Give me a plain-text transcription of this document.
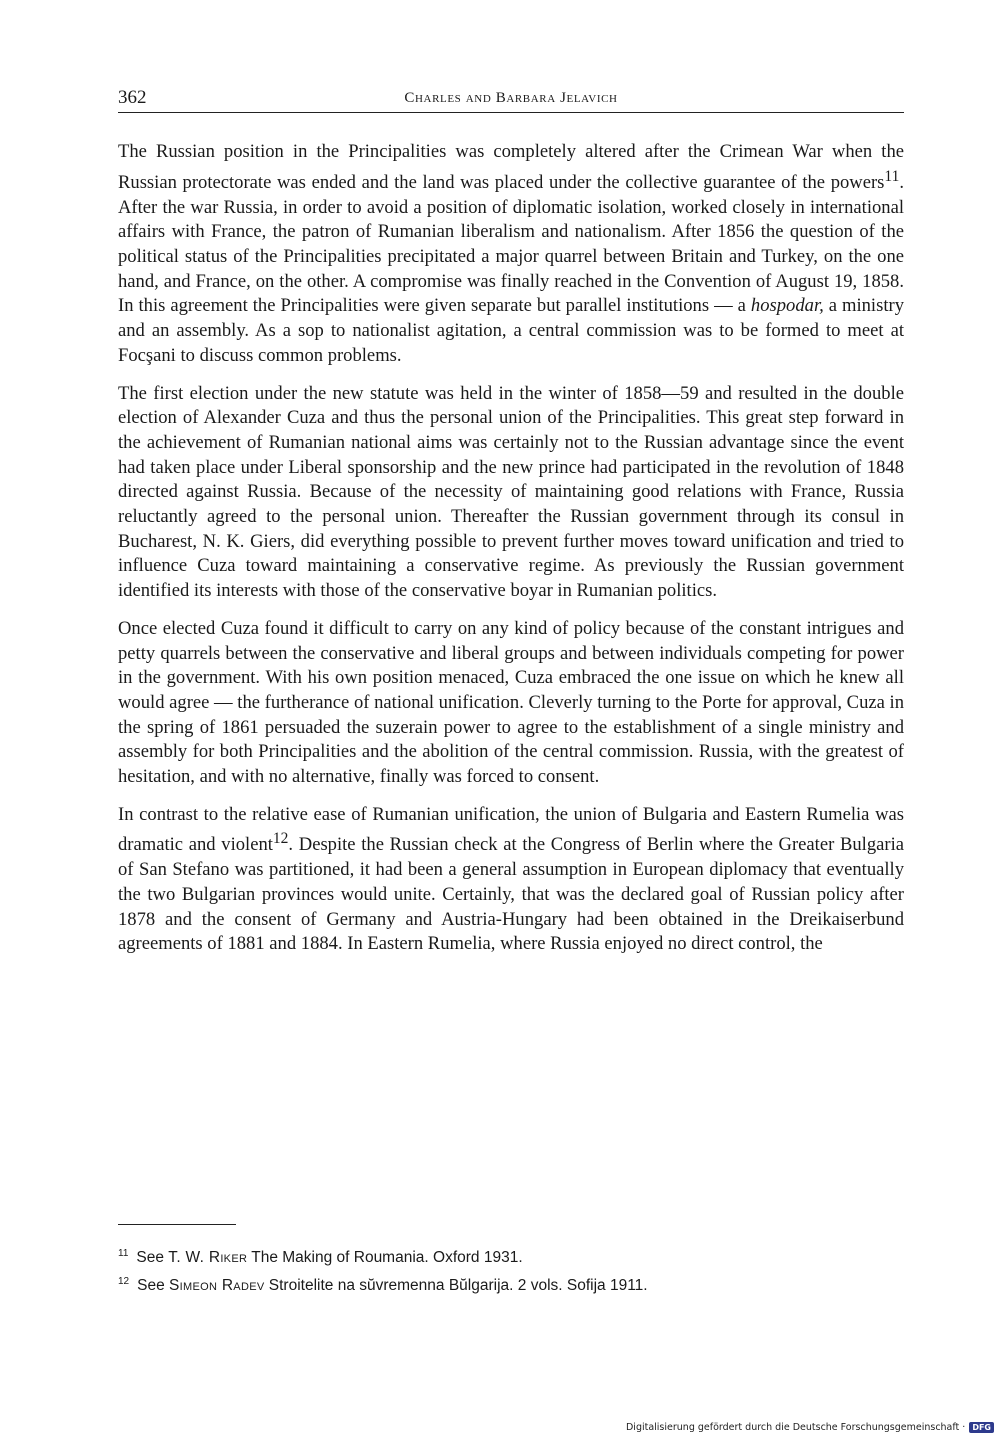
362	Charles and Barbara Jelavich

The Russian position in the Principalities was completely altered after the Crimean War when the Russian protectorate was ended and the land was placed under the collective guarantee of the powers$^{11}$. After the war Russia, in order to avoid a position of diplomatic isolation, worked closely in international affairs with France, the patron of Rumanian liberalism and nationalism. After 1856 the question of the political status of the Principalities precipitated a major quarrel between Britain and Turkey, on the one hand, and France, on the other. A compromise was finally reached in the Convention of August 19, 1858. In this agreement the Principalities were given separate but parallel institutions — a hospodar, a ministry and an assembly. As a sop to nationalist agitation, a central commission was to be formed to meet at Focşani to discuss common problems.

The first election under the new statute was held in the winter of 1858—59 and resulted in the double election of Alexander Cuza and thus the personal union of the Principalities. This great step forward in the achievement of Rumanian national aims was certainly not to the Russian advantage since the event had taken place under Liberal sponsorship and the new prince had participated in the revolution of 1848 directed against Russia. Because of the necessity of maintaining good relations with France, Russia reluctantly agreed to the personal union. Thereafter the Russian government through its consul in Bucharest, N. K. Giers, did everything possible to prevent further moves toward unification and tried to influence Cuza toward maintaining a conservative regime. As previously the Russian government identified its interests with those of the conservative boyar in Rumanian politics.

Once elected Cuza found it difficult to carry on any kind of policy because of the constant intrigues and petty quarrels between the conservative and liberal groups and between individuals competing for power in the government. With his own position menaced, Cuza embraced the one issue on which he knew all would agree — the furtherance of national unification. Cleverly turning to the Porte for approval, Cuza in the spring of 1861 persuaded the suzerain power to agree to the establishment of a single ministry and assembly for both Principalities and the abolition of the central commission. Russia, with the greatest of hesitation, and with no alternative, finally was forced to consent.

In contrast to the relative ease of Rumanian unification, the union of Bulgaria and Eastern Rumelia was dramatic and violent$^{12}$. Despite the Russian check at the Congress of Berlin where the Greater Bulgaria of San Stefano was partitioned, it had been a general assumption in European diplomacy that eventually the two Bulgarian provinces would unite. Certainly, that was the declared goal of Russian policy after 1878 and the consent of Germany and Austria-Hungary had been obtained in the Dreikaiserbund agreements of 1881 and 1884. In Eastern Rumelia, where Russia enjoyed no direct control, the

$^{11}$ See T. W. Riker The Making of Roumania. Oxford 1931.

$^{12}$ See Simeon Radev Stroitelite na sŭvremenna Bŭlgarija. 2 vols. Sofija 1911.

Digitalisierung gefördert durch die Deutsche Forschungsgemeinschaft · DFG
